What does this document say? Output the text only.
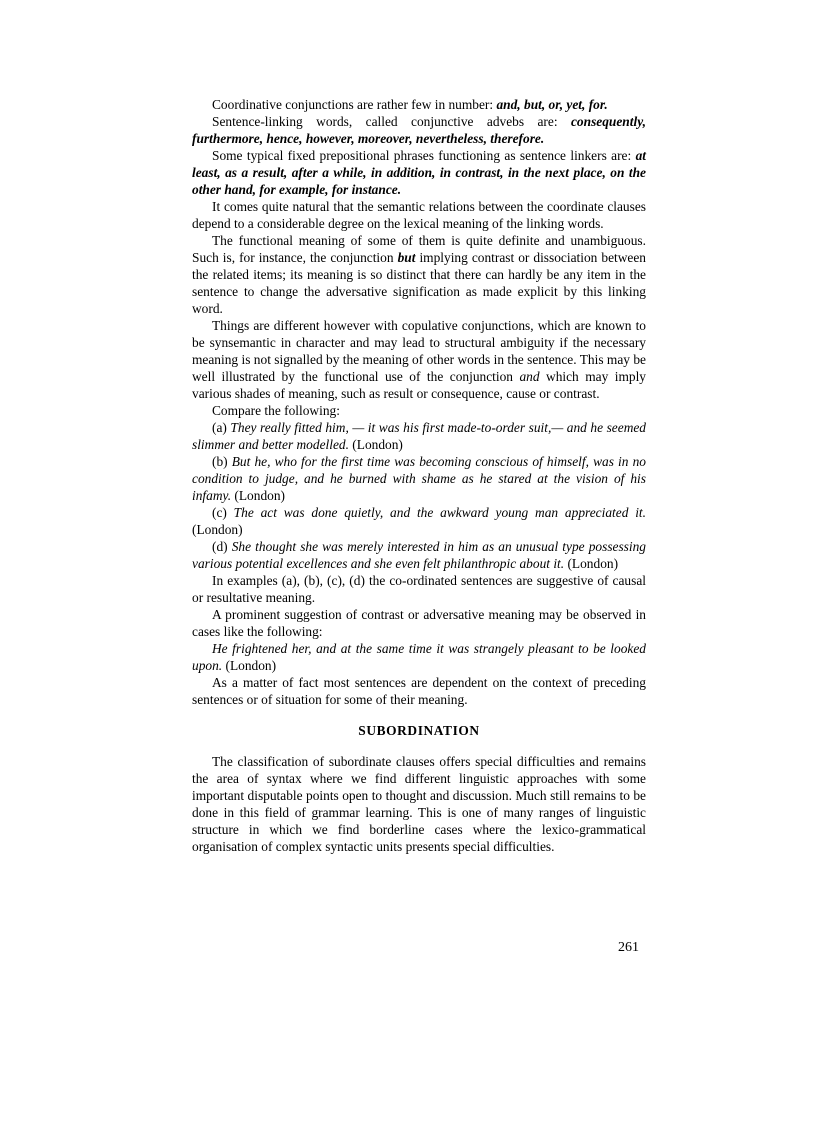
Coordinative conjunctions are rather few in number: and, but, or, yet, for.

Sentence-linking words, called conjunctive advebs are: consequently, furthermore, hence, however, moreover, nevertheless, therefore.

Some typical fixed prepositional phrases functioning as sentence linkers are: at least, as a result, after a while, in addition, in contrast, in the next place, on the other hand, for example, for instance.

It comes quite natural that the semantic relations between the coordinate clauses depend to a considerable degree on the lexical meaning of the linking words.

The functional meaning of some of them is quite definite and unambiguous. Such is, for instance, the conjunction but implying contrast or dissociation between the related items; its meaning is so distinct that there can hardly be any item in the sentence to change the adversative signification as made explicit by this linking word.

Things are different however with copulative conjunctions, which are known to be synsemantic in character and may lead to structural ambiguity if the necessary meaning is not signalled by the meaning of other words in the sentence. This may be well illustrated by the functional use of the conjunction and which may imply various shades of meaning, such as result or consequence, cause or contrast.

Compare the following:

(a) They really fitted him, — it was his first made-to-order suit,— and he seemed slimmer and better modelled. (London)

(b) But he, who for the first time was becoming conscious of himself, was in no condition to judge, and he burned with shame as he stared at the vision of his infamy. (London)

(c) The act was done quietly, and the awkward young man appreciated it. (London)

(d) She thought she was merely interested in him as an unusual type possessing various potential excellences and she even felt philanthropic about it. (London)

In examples (a), (b), (c), (d) the co-ordinated sentences are suggestive of causal or resultative meaning.

A prominent suggestion of contrast or adversative meaning may be observed in cases like the following:

He frightened her, and at the same time it was strangely pleasant to be looked upon. (London)

As a matter of fact most sentences are dependent on the context of preceding sentences or of situation for some of their meaning.

SUBORDINATION

The classification of subordinate clauses offers special difficulties and remains the area of syntax where we find different linguistic approaches with some important disputable points open to thought and discussion. Much still remains to be done in this field of grammar learning. This is one of many ranges of linguistic structure in which we find borderline cases where the lexico-grammatical organisation of complex syntactic units presents special difficulties.

261
